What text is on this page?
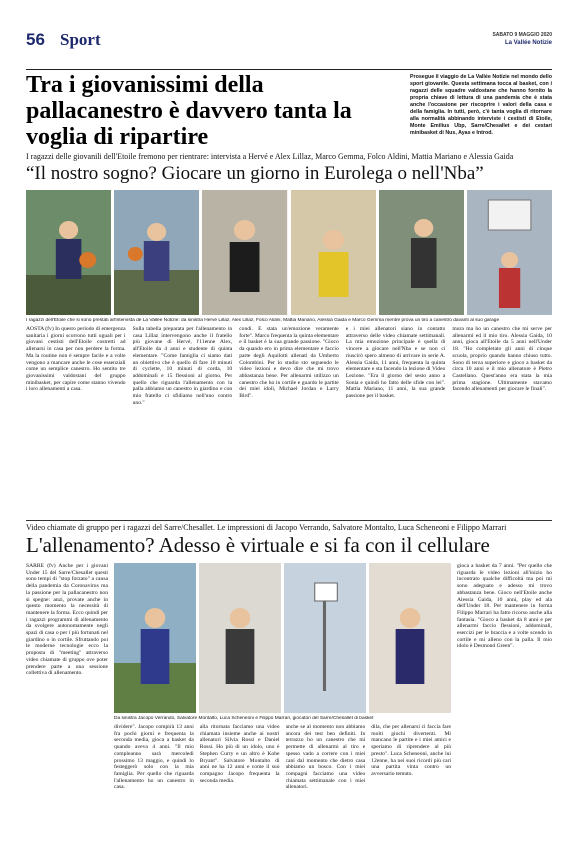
56 Sport	SABATO 9 MAGGIO 2020
La Vallée Notizie
Tra i giovanissimi della pallacanestro è davvero tanta la voglia di ripartire
Prosegue il viaggio de La Vallée Notizie nel mondo dello sport giovanile. Questa settimana tocca al basket, con i ragazzi delle squadre valdostane che hanno fornito la propria chiave di lettura di una pandemia che è stata anche l'occasione per riscoprire i valori della casa e della famiglia. In tutti, però, c'è tanta voglia di ritornare alla normalità abbinando interviste i cestisti di Etoile, Monte Emilius Ubp, Sarre/Chesallet e dei cestari minibasket di Nus, Ayas e Introd.
I ragazzi delle giovanili dell'Etoile fremono per rientrare: intervista a Hervé e Alex Lillaz, Marco Gemma, Folco Aldini, Mattia Mariano e Alessia Gaida
“Il nostro sogno? Giocare un giorno in Eurolega o nell'Nba”
I ragazzi dell'Etoile che si sono prestati all'intervista de La Vallée Notizie: da sinistra Hervé Lillaz, Alex Lillaz, Folco Aldini, Mattia Mariano, Alessia Gaida e Marco Gemma mentre prova un tiro a canestro davanti al suo garage
AOSTA (fv) In questo periodo di emergenza sanitaria i giorni scorrono tutti uguali per i giovani cestisti dell'Etoile costretti ad allenarsi in casa per non perdere la forma. Ma la routine non è sempre facile e a volte vengono a mancare anche le cose essenziali come un semplice canestro. Ho sentito tre giovanissimi valdostani del gruppo minibasket, per capire come stanno vivendo i loro allenamenti a casa.
Sulla tabella preparata per l'allenamento in casa Lillaz intervengono anche il fratello più giovane di Hervé, l'11enne Alex, all'Etoile da 4 anni e studente di quinta elementare. "Come famiglia ci siamo dati un obiettivo che è quello di fare 10 minuti di cyclette, 10 minuti di corda, 10 addominali e 15 flessioni al giorno. Per quello che riguarda l'allenamento con la palla abbiamo un canestro in giardino e con mio fratello ci sfidiamo nell'uno contro uno."
condi. E stata un'emozione veramente forte". Marco frequenta la quinta elementare e il basket è la sua grande passione. "Gioco da quando ero in prima elementare e faccio parte degli Aquilotti allenati da Umberto Colombini. Per lo studio sto seguendo le video lezioni e devo dire che mi trovo abbastanza bene. Per allenarmi utilizzo un canestro che ho in cortile e guardo le partite dei miei idoli, Michael Jordan e Larry Bird".
e i miei allenatori siano in contatto attraverso delle video chiamate settimanali. La mia emozione principale è quella di vincere a giocare nell'Nba e se non ci riuscirò spero almeno di arrivare in serie A. Alessia Gaida, 11 anni, frequenta la quinta elementare e sta facendo la lezione di Video Lezione. "Era il giorno del sesto anno a Sonia e quindi ho fatto delle sfide con lei". Mattia Mariano, 11 anni, la sua grande passione per il basket.
mura ma ho un canestro che mi serve per allenarmi ed il mio tiro. Alessia Gaida, 10 anni, gioca all'Etoile da 5 anni nell'Under 18. "Ho completato gli anni di cinque scuola, proprio quando hanno chiuso tutto. Sono di terza superiore e gioco a basket da circa 10 anni e il mio allenatore è Pietro Castellano. Quest'anno era stata la mia prima stagione. Ultimamente stavamo facendo allenamenti per giocare le finali".
Video chiamate di gruppo per i ragazzi del Sarre/Chesallet. Le impressioni di Jacopo Verrando, Salvatore Montalto, Luca Scheneoni e Filippo Marrari
L'allenamento? Adesso è virtuale e si fa con il cellulare
SARRE (fv) Anche per i giovani Under 15 del Sarre/Chesallet questi sono tempi di "stop forzato" a causa della pandemia da Coronavirus ma la passione per la pallacanestro non si spegne: anzi, provate anche in questo momento la necessità di mantenere la forma. Ecco quindi per i ragazzi programmi di allenamento da svolgere autonomamente negli spazi di casa o per i più fortunati nel giardino o in cortile. Sfruttando poi le moderne tecnologie ecco la proposta di "meeting" attraverso video chiamate di gruppo ove poter prendere parte a una sessione collettiva di allenamento.
Da sinistra Jacopo Verrando, Salvatore Montalto, Luca Scheneoni e Filippo Marrari, giocatori del Sarre/Chesallet di basket
dividere". Jacopo compirà 13 anni fra pochi giorni e frequenta la seconda media, gioca a basket da quando aveva 4 anni. "Il mio compleanno sarà mercoledì prossimo 13 maggio, e quindi lo festeggerò solo con la mia famiglia. Per quello che riguarda l'allenamento ho un canestro in casa.
alla ritornata facciamo una video chiamata insieme anche ai nostri allenatori Silvia Rossi e Daniel Rossi. Ho più di un idolo, uno è Stephen Curry e un altro è Kobe Bryant". Salvatore Montalto di anni ne ha 12 anni e come il suo compagno Jacopo frequenta la seconda media.
anche se al momento non abbiamo ancora dei test ben definiti. In terrazzo ho un canestro che mi permette di allenarmi al tiro e spesso vado a correre con i miei cani dal momento che dietro casa abbiamo un bosco. Con i miei compagni facciamo una video chiamata settimanale con i miei allenatori.
dila, che per allenarsi ci faccia fare molti giochi divertenti. Mi mancano le partite e i miei amici e speriamo di riprendere al più presto". Luca Scheneoni, anche lui 12enne, ha nei suoi ricordi più cari una partita vinta contro un avversario temuto.
gioca a basket da 7 anni. "Per quello che riguarda le video lezioni all'inizio ho incontrato qualche difficoltà ma poi mi sono adeguato e adesso mi trovo abbastanza bene. Gioco nell'Etoile anche Alessia Gaida, 10 anni, play ed ala dell'Under 18. Per mantenere in forma Filippo Marrari ha fatto ricorso anche alla fantasia. "Gioco a basket da 8 anni e per allenarmi faccio flessioni, addominali, esercizi per le braccia e a volte scendo in cortile e mi alleno con la palla. Il mio idolo è Desmond Green".
